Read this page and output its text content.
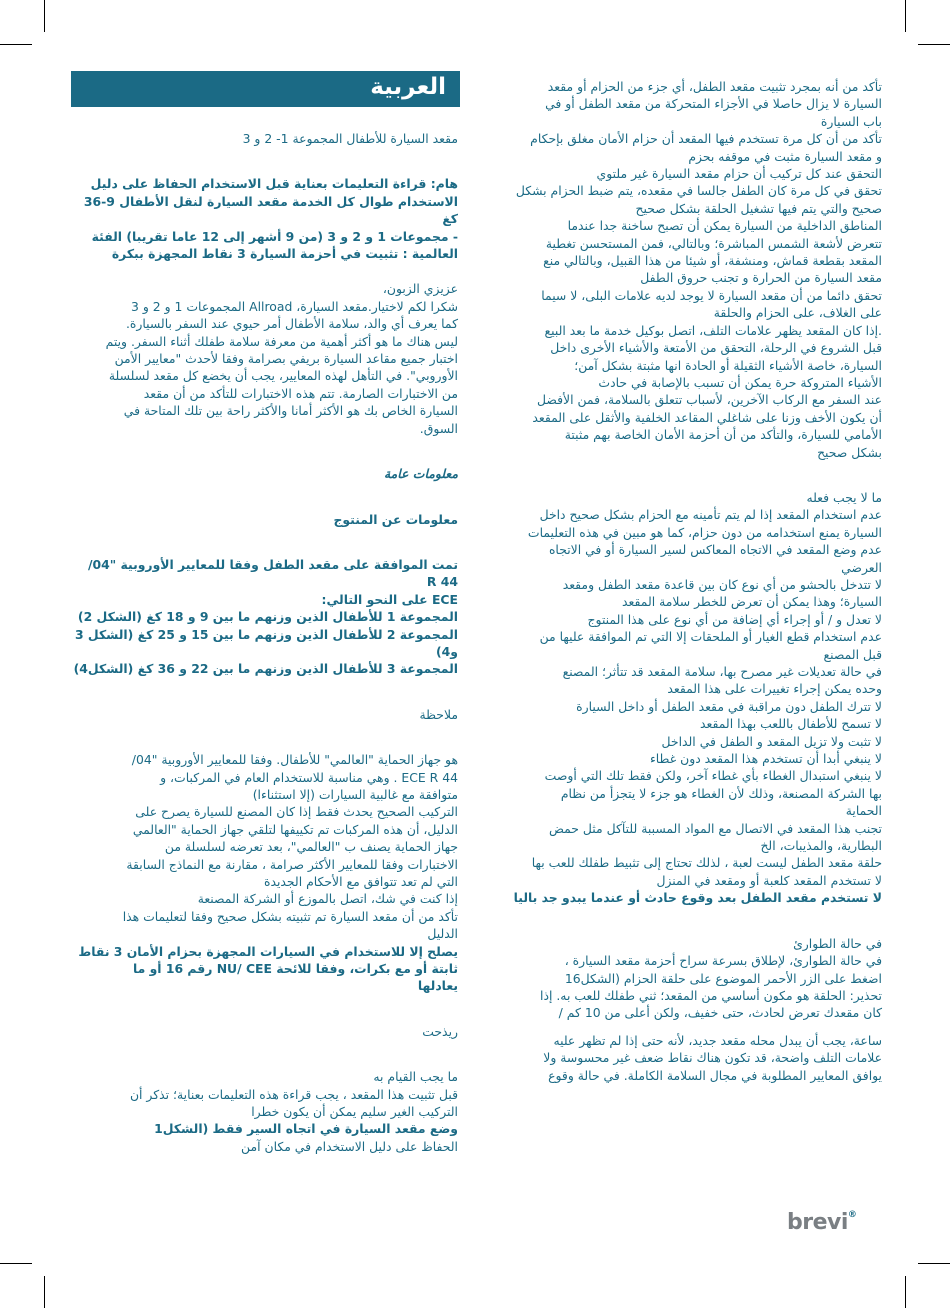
العربية

مقعد السيارة للأطفال المجموعة 1- 2 و 3

هام: قراءة التعليمات بعناية قبل الاستخدام الحفاظ على دليل

الاستخدام طوال كل الخدمة مقعد السيارة لنقل الأطفال 9-36 كغ

- مجموعات 1 و 2 و 3 (من 9 أشهر إلى 12 عاما تقريبا) الفئة

العالمية : تثبيت في أحزمة السيارة 3 نقاط المجهزة ببكرة

عزيزي الزبون،

شكرا لكم لاختيار.مقعد السيارة، Allroad المجموعات 1 و 2 و 3

كما يعرف أي والد، سلامة الأطفال أمر حيوي عند السفر بالسيارة.

ليس هناك ما هو أكثر أهمية من معرفة سلامة طفلك أثناء السفر. ويتم

اختبار جميع مقاعد السيارة بريفي بصرامة وفقا لأحدث "معايير الأمن

الأوروبي". في التأهل لهذه المعايير، يجب أن يخضع كل مقعد لسلسلة

من الاختبارات الصارمة. تتم هذه الاختبارات للتأكد من أن مقعد

السيارة الخاص بك هو الأكثر أمانا والأكثر راحة بين تلك المتاحة في

السوق.

معلومات عامة

معلومات عن المنتوج

تمت الموافقة على مقعد الطفل وفقا للمعايير الأوروبية "04/ 44 R

ECE على النحو التالي:

المجموعة 1 للأطفال الذين وزنهم ما بين 9 و 18 كغ (الشكل 2)

المجموعة 2 للأطفال الذين وزنهم ما بين 15 و 25 كغ (الشكل 3

و4)

المجموعة 3 للأطفال الذين وزنهم ما بين 22 و 36 كغ (الشكل4)

ملاحظة

هو جهاز الحماية "العالمي" للأطفال. وفقا للمعايير الأوروبية "04/

44 ECE R . وهي مناسبة للاستخدام العام في المركبات، و

متوافقة مع غالبية السيارات (إلا استثناءا)

التركيب الصحيح يحدث فقط إذا كان المصنع للسيارة يصرح على

الدليل، أن هذه المركبات تم تكييفها لتلقي جهاز الحماية "العالمي

جهاز الحماية يصنف ب "العالمي"، بعد تعرضه لسلسلة من

الاختبارات وفقا للمعايير الأكثر صرامة ، مقارنة مع النماذج السابقة

التي لم تعد تتوافق مع الأحكام الجديدة

إذا كنت في شك، اتصل بالموزع أو الشركة المصنعة

تأكد من أن مقعد السيارة تم تثبيته بشكل صحيح وفقا لتعليمات هذا

الدليل

يصلح إلا للاستخدام في السيارات المجهزة بحزام الأمان 3 نقاط

ثابتة أو مع بكرات، وفقا للائحة NU/ CEE رقم 16 أو ما

يعادلها

ريذحت

ما يجب القيام به

قبل تثبيت هذا المقعد ، يجب قراءة هذه التعليمات بعناية؛ تذكر أن

التركيب الغير سليم يمكن أن يكون خطرا

وضع مقعد السيارة في اتجاه السير فقط (الشكل1

الحفاظ على دليل الاستخدام في مكان آمن

تأكد من أنه بمجرد تثبيت مقعد الطفل، أي جزء من الحزام أو مقعد

السيارة لا يزال حاصلا في الأجزاء المتحركة من مقعد الطفل أو في

باب السيارة

تأكد من أن كل مرة تستخدم فيها المقعد أن حزام الأمان مغلق بإحكام

و مقعد السيارة مثبت في موقفه بحزم

التحقق عند كل تركيب أن حزام مقعد السيارة غير ملتوي

تحقق في كل مرة كان الطفل جالسا في مقعده، يتم ضبط الحزام بشكل

صحيح والتي يتم فيها تشغيل الحلقة بشكل صحيح

المناطق الداخلية من السيارة يمكن أن تصبح ساخنة جدا عندما

تتعرض لأشعة الشمس المباشرة؛ وبالتالي، فمن المستحسن تغطية

المقعد بقطعة قماش، ومنشفة، أو شيئا من هذا القبيل، وبالتالي منع

مقعد السيارة من الحرارة و تجنب حروق الطفل

تحقق دائما من أن مقعد السيارة لا يوجد لديه علامات البلى، لا سيما

على الغلاف، على الحزام والحلقة

.إذا كان المقعد يظهر علامات التلف، اتصل بوكيل خدمة ما بعد البيع

قبل الشروع في الرحلة، التحقق من الأمتعة والأشياء الأخرى داخل

السيارة، خاصة الأشياء الثقيلة أو الحادة انها مثبتة بشكل آمن؛

الأشياء المتروكة حرة يمكن أن تسبب بالإصابة في حادث

عند السفر مع الركاب الآخرين، لأسباب تتعلق بالسلامة، فمن الأفضل

أن يكون الأخف وزنا على شاغلي المقاعد الخلفية والأثقل على المقعد

الأمامي للسيارة، والتأكد من أن أحزمة الأمان الخاصة بهم مثبتة

بشكل صحيح

ما لا يجب فعله

عدم استخدام المقعد إذا لم يتم تأمينه مع الحزام بشكل صحيح داخل

السيارة يمنع استخدامه من دون حزام، كما هو مبين في هذه التعليمات

عدم وضع المقعد في الاتجاه المعاكس لسير السيارة أو في الاتجاه

العرضي

لا تتدخل بالحشو من أي نوع كان بين قاعدة مقعد الطفل ومقعد

السيارة؛ وهذا يمكن أن تعرض للخطر سلامة المقعد

لا تعدل و / أو إجراء أي إضافة من أي نوع على هذا المنتوج

عدم استخدام قطع الغيار أو الملحقات إلا التي تم الموافقة عليها من

قبل المصنع

في حالة تعديلات غير مصرح بها، سلامة المقعد قد تتأثر؛ المصنع

وحده يمكن إجراء تغييرات على هذا المقعد

لا تترك الطفل دون مراقبة في مقعد الطفل أو داخل السيارة

لا تسمح للأطفال باللعب بهذا المقعد

لا تثبت ولا تزيل المقعد و الطفل في الداخل

لا ينبغي أبدا أن تستخدم هذا المقعد دون غطاء

لا ينبغي استبدال الغطاء بأي غطاء آخر، ولكن فقط تلك التي أوصت

بها الشركة المصنعة، وذلك لأن الغطاء هو جزء لا يتجزأ من نظام

الحماية

تجنب هذا المقعد في الاتصال مع المواد المسببة للتآكل مثل حمض

البطارية، والمذيبات، الخ

حلقة مقعد الطفل ليست لعبة ، لذلك تحتاج إلى تثبيط طفلك للعب بها

لا تستخدم المقعد كلعبة أو ومقعد في المنزل

لا تستخدم مقعد الطفل بعد وقوع حادث أو عندما يبدو جد باليا

في حالة الطوارئ

في حالة الطوارئ، لإطلاق بسرعة سراح أحزمة مقعد السيارة ،

اضغط على الزر الأحمر الموضوع على حلقة الحزام (الشكل16

تحذير: الحلقة هو مكون أساسي من المقعد؛ ثني طفلك للعب به. إذا

كان مقعدك تعرض لحادث، حتى خفيف، ولكن أعلى من 10 كم /

ساعة، يجب أن يبدل محله مقعد جديد، لأنه حتى إذا لم تظهر عليه

علامات التلف واضحة، قد تكون هناك نقاط ضعف غير محسوسة ولا

يوافق المعايير المطلوبة في مجال السلامة الكاملة. في حالة وقوع

brevi®
